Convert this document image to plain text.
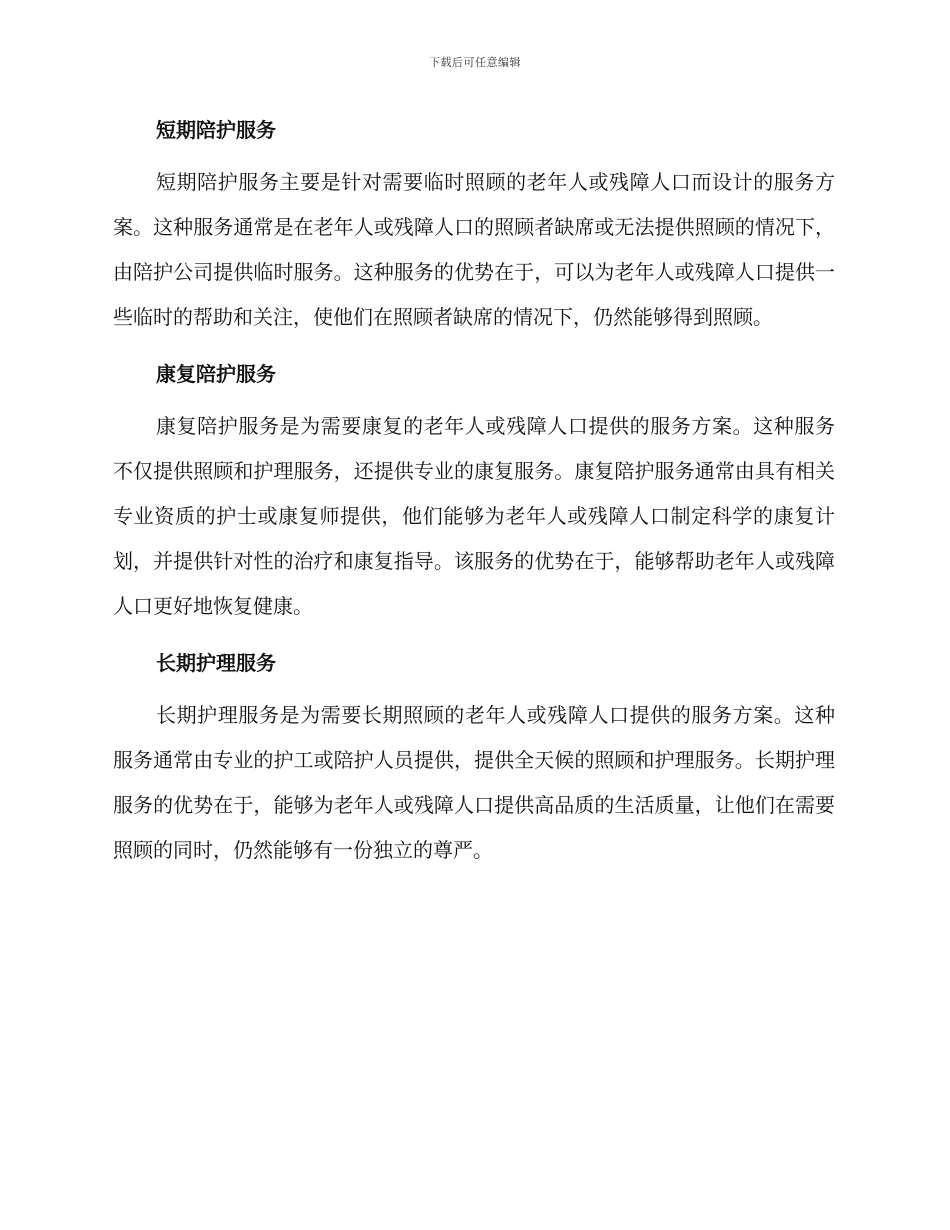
下载后可任意编辑
短期陪护服务

短期陪护服务主要是针对需要临时照顾的老年人或残障人口而设计的服务方案。这种服务通常是在老年人或残障人口的照顾者缺席或无法提供照顾的情况下，由陪护公司提供临时服务。这种服务的优势在于，可以为老年人或残障人口提供一些临时的帮助和关注，使他们在照顾者缺席的情况下，仍然能够得到照顾。

康复陪护服务

康复陪护服务是为需要康复的老年人或残障人口提供的服务方案。这种服务不仅提供照顾和护理服务，还提供专业的康复服务。康复陪护服务通常由具有相关专业资质的护士或康复师提供，他们能够为老年人或残障人口制定科学的康复计划，并提供针对性的治疗和康复指导。该服务的优势在于，能够帮助老年人或残障人口更好地恢复健康。

长期护理服务

长期护理服务是为需要长期照顾的老年人或残障人口提供的服务方案。这种服务通常由专业的护工或陪护人员提供，提供全天候的照顾和护理服务。长期护理服务的优势在于，能够为老年人或残障人口提供高品质的生活质量，让他们在需要照顾的同时，仍然能够有一份独立的尊严。
